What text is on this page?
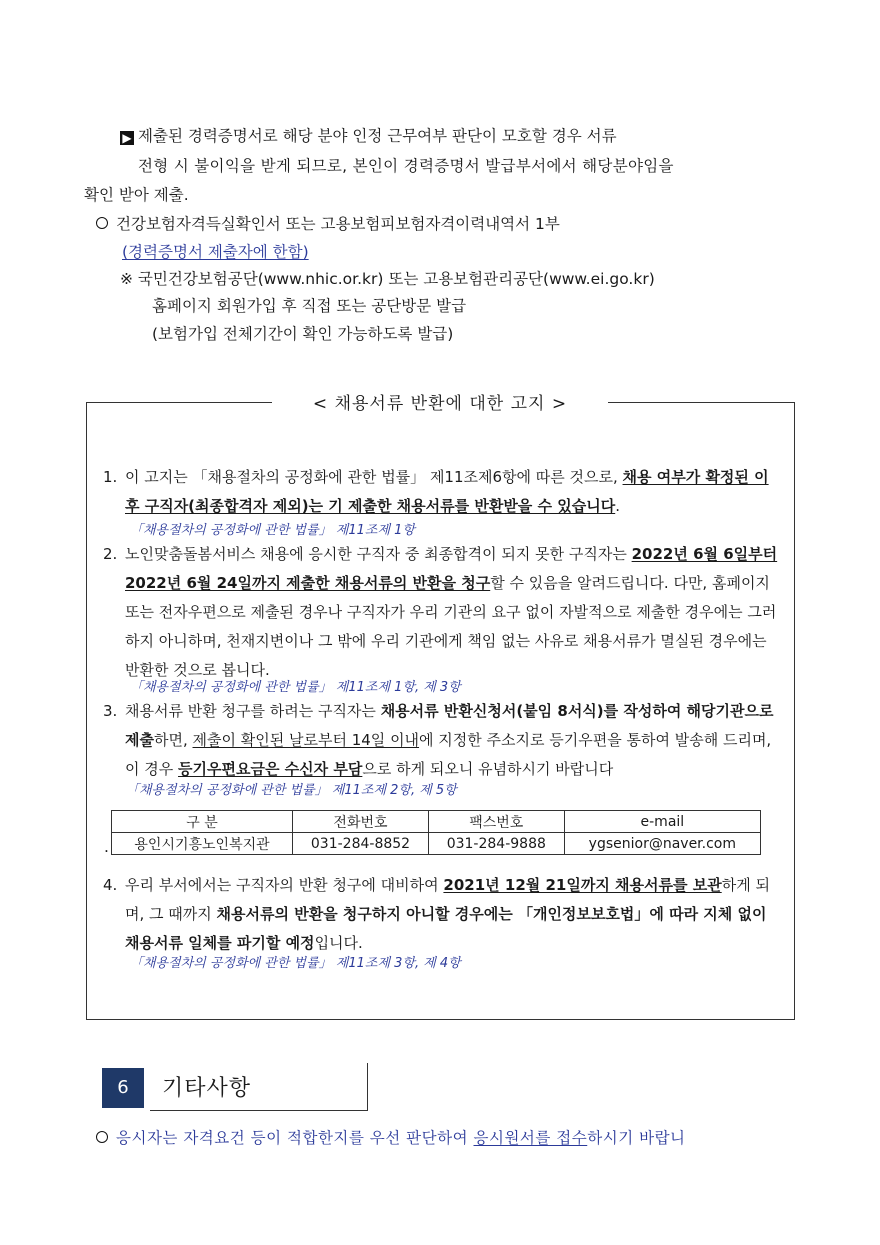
▶ 제출된 경력증명서로 해당 분야 인정 근무여부 판단이 모호할 경우 서류
전형 시 불이익을 받게 되므로, 본인이 경력증명서 발급부서에서 해당분야임을
확인 받아 제출.
건강보험자격득실확인서 또는 고용보험피보험자격이력내역서 1부
(경력증명서 제출자에 한함)
※ 국민건강보험공단(www.nhic.or.kr) 또는 고용보험관리공단(www.ei.go.kr)
홈페이지 회원가입 후 직접 또는 공단방문 발급
(보험가입 전체기간이 확인 가능하도록 발급)
< 채용서류 반환에 대한 고지 >
1. 이 고지는 「채용절차의 공정화에 관한 법률」 제11조제6항에 따른 것으로, 채용 여부가 확정된 이후 구직자(최종합격자 제외)는 기 제출한 채용서류를 반환받을 수 있습니다.
「채용절차의 공정화에 관한 법률」 제11조제 1항
2. 노인맞춤돌봄서비스 채용에 응시한 구직자 중 최종합격이 되지 못한 구직자는 2022년 6월 6일부터 2022년 6월 24일까지 제출한 채용서류의 반환을 청구할 수 있음을 알려드립니다. 다만, 홈페이지 또는 전자우편으로 제출된 경우나 구직자가 우리 기관의 요구 없이 자발적으로 제출한 경우에는 그러하지 아니하며, 천재지변이나 그 밖에 우리 기관에게 책임 없는 사유로 채용서류가 멸실된 경우에는 반환한 것으로 봅니다.
「채용절차의 공정화에 관한 법률」 제11조제 1항, 제 3항
3. 채용서류 반환 청구를 하려는 구직자는 채용서류 반환신청서(붙임 8서식)를 작성하여 해당기관으로 제출하면, 제출이 확인된 날로부터 14일 이내에 지정한 주소지로 등기우편을 통하여 발송해 드리며, 이 경우 등기우편요금은 수신자 부담으로 하게 되오니 유념하시기 바랍니다
「채용절차의 공정화에 관한 법률」 제11조제 2항, 제 5항
.
구 분	전화번호	팩스번호	e-mail
용인시기흥노인복지관	031-284-8852	031-284-9888	ygsenior@naver.com
4. 우리 부서에서는 구직자의 반환 청구에 대비하여 2021년 12월 21일까지 채용서류를 보관하게 되며, 그 때까지 채용서류의 반환을 청구하지 아니할 경우에는 「개인정보보호법」에 따라 지체 없이 채용서류 일체를 파기할 예정입니다.
「채용절차의 공정화에 관한 법률」 제11조제 3항, 제 4항
6	기타사항
응시자는 자격요건 등이 적합한지를 우선 판단하여 응시원서를 접수하시기 바랍니
